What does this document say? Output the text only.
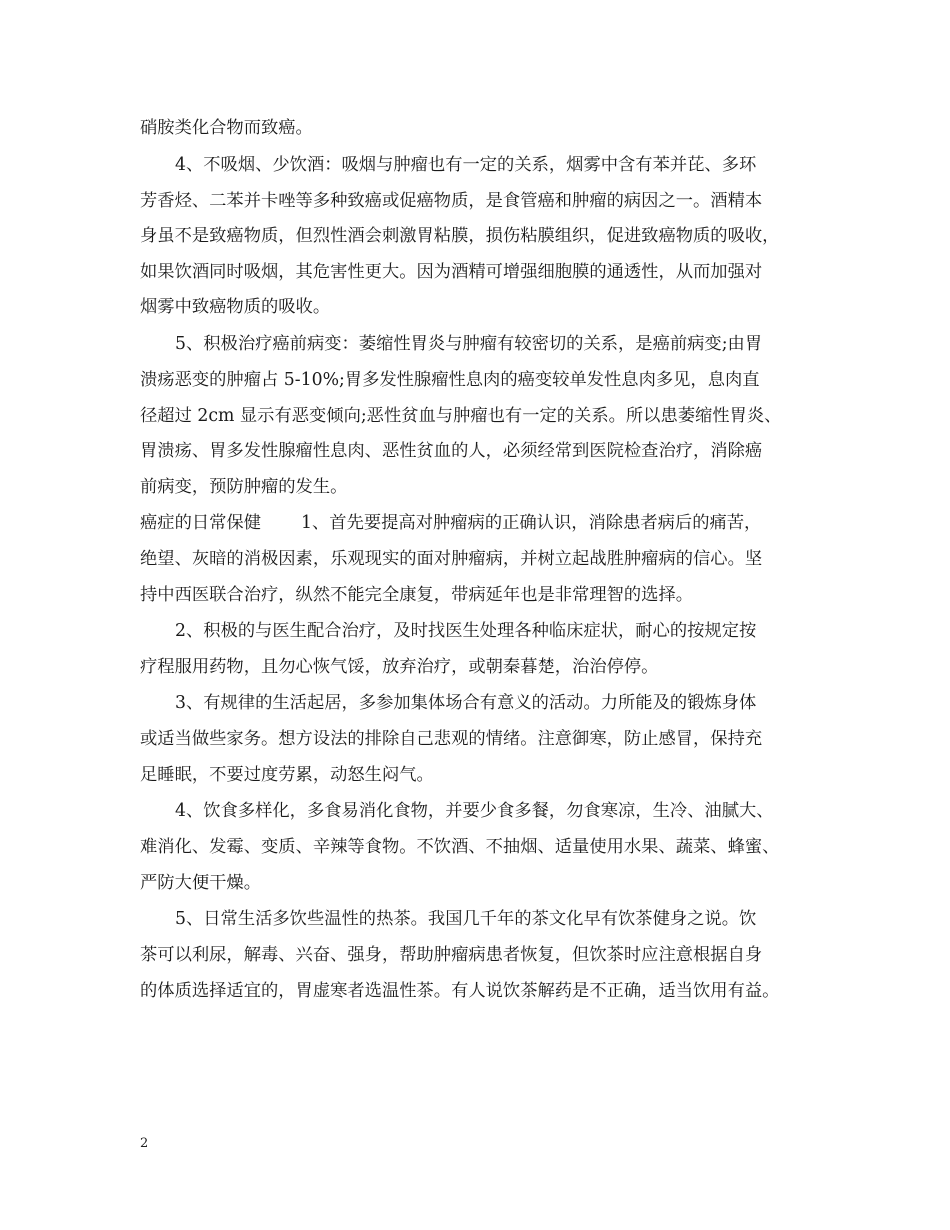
硝胺类化合物而致癌。
4、不吸烟、少饮酒：吸烟与肿瘤也有一定的关系，烟雾中含有苯并芘、多环
芳香烃、二苯并卡唑等多种致癌或促癌物质，是食管癌和肿瘤的病因之一。酒精本
身虽不是致癌物质，但烈性酒会刺激胃粘膜，损伤粘膜组织，促进致癌物质的吸收，
如果饮酒同时吸烟，其危害性更大。因为酒精可增强细胞膜的通透性，从而加强对
烟雾中致癌物质的吸收。
5、积极治疗癌前病变：萎缩性胃炎与肿瘤有较密切的关系，是癌前病变;由胃
溃疡恶变的肿瘤占 5-10%;胃多发性腺瘤性息肉的癌变较单发性息肉多见，息肉直
径超过 2cm 显示有恶变倾向;恶性贫血与肿瘤也有一定的关系。所以患萎缩性胃炎、
胃溃疡、胃多发性腺瘤性息肉、恶性贫血的人，必须经常到医院检查治疗，消除癌
前病变，预防肿瘤的发生。
癌症的日常保健　　 1、首先要提高对肿瘤病的正确认识，消除患者病后的痛苦，
绝望、灰暗的消极因素，乐观现实的面对肿瘤病，并树立起战胜肿瘤病的信心。坚
持中西医联合治疗，纵然不能完全康复，带病延年也是非常理智的选择。
2、积极的与医生配合治疗，及时找医生处理各种临床症状，耐心的按规定按
疗程服用药物，且勿心恢气馁，放弃治疗，或朝秦暮楚，治治停停。
3、有规律的生活起居，多参加集体场合有意义的活动。力所能及的锻炼身体
或适当做些家务。想方设法的排除自己悲观的情绪。注意御寒，防止感冒，保持充
足睡眠，不要过度劳累，动怒生闷气。
4、饮食多样化，多食易消化食物，并要少食多餐，勿食寒凉，生冷、油腻大、
难消化、发霉、变质、辛辣等食物。不饮酒、不抽烟、适量使用水果、蔬菜、蜂蜜、
严防大便干燥。
5、日常生活多饮些温性的热茶。我国几千年的茶文化早有饮茶健身之说。饮
茶可以利尿，解毒、兴奋、强身，帮助肿瘤病患者恢复，但饮茶时应注意根据自身
的体质选择适宜的，胃虚寒者选温性茶。有人说饮茶解药是不正确，适当饮用有益。
2
